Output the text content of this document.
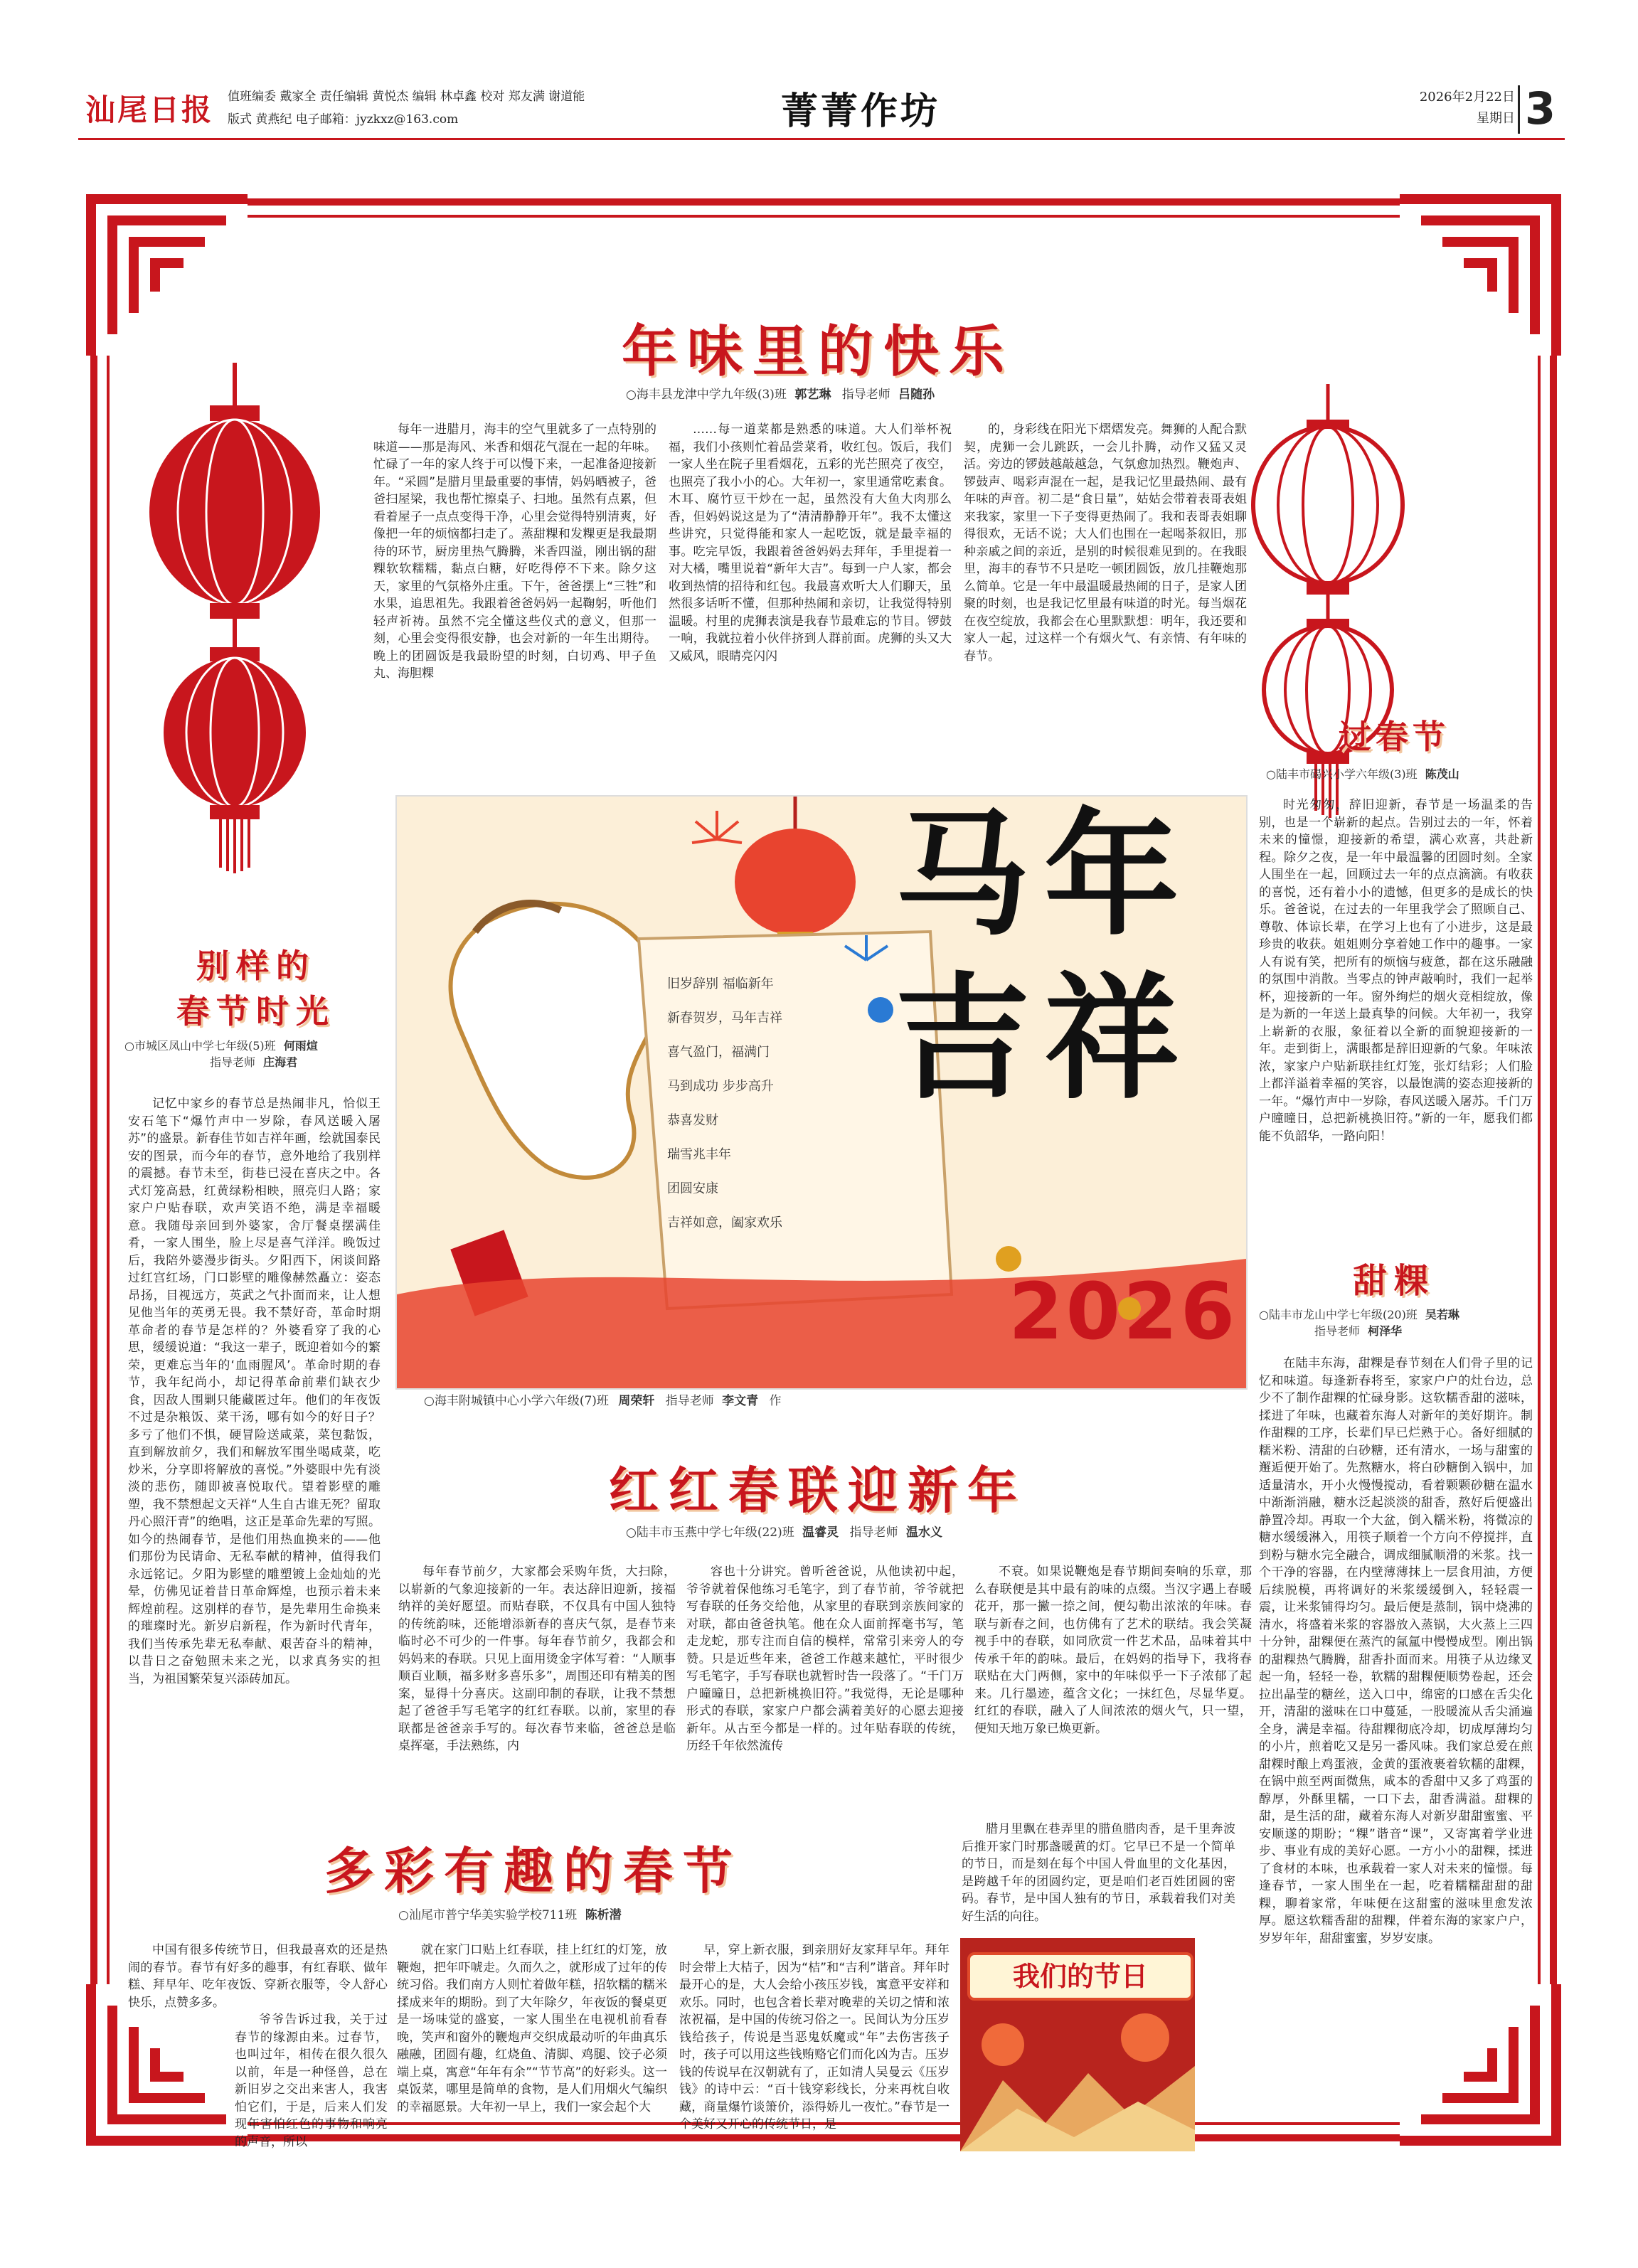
汕尾日报 值班编委 戴家全 责任编辑 黄悦杰 编辑 林卓鑫 校对 郑友满 谢道能
版式 黄燕纪 电子邮箱：jyzkxz@163.com	菁菁作坊	2026年2月22日
星期日 3
年味里的快乐
○海丰县龙津中学九年级(3)班 郭艺琳 指导老师 吕随孙

每年一进腊月，海丰的空气里就多了一点特别的味道——那是海风、米香和烟花气混在一起的年味。忙碌了一年的家人终于可以慢下来，一起准备迎接新年。“采圆”是腊月里最重要的事情，妈妈晒被子，爸爸扫屋梁，我也帮忙擦桌子、扫地。虽然有点累，但看着屋子一点点变得干净，心里会觉得特别清爽，好像把一年的烦恼都扫走了。蒸甜粿和发粿更是我最期待的环节，厨房里热气腾腾，米香四溢，刚出锅的甜粿软软糯糯，黏点白糖，好吃得停不下来。除夕这天，家里的气氛格外庄重。下午，爸爸摆上“三牲”和水果，追思祖先。我跟着爸爸妈妈一起鞠躬，听他们轻声祈祷。虽然不完全懂这些仪式的意义，但那一刻，心里会变得很安静，也会对新的一年生出期待。晚上的团圆饭是我最盼望的时刻，白切鸡、甲子鱼丸、海胆粿

……每一道菜都是熟悉的味道。大人们举杯祝福，我们小孩则忙着品尝菜肴，收红包。饭后，我们一家人坐在院子里看烟花，五彩的光芒照亮了夜空，也照亮了我小小的心。大年初一，家里通常吃素食。木耳、腐竹豆干炒在一起，虽然没有大鱼大肉那么香，但妈妈说这是为了“清清静静开年”。我不太懂这些讲究，只觉得能和家人一起吃饭，就是最幸福的事。吃完早饭，我跟着爸爸妈妈去拜年，手里提着一对大橘，嘴里说着“新年大吉”。每到一户人家，都会收到热情的招待和红包。我最喜欢听大人们聊天，虽然很多话听不懂，但那种热闹和亲切，让我觉得特别温暖。村里的虎狮表演是我春节最难忘的节目。锣鼓一响，我就拉着小伙伴挤到人群前面。虎狮的头又大又威风，眼睛亮闪闪

的，身彩线在阳光下熠熠发亮。舞狮的人配合默契，虎狮一会儿跳跃，一会儿扑腾，动作又猛又灵活。旁边的锣鼓越敲越急，气氛愈加热烈。鞭炮声、锣鼓声、喝彩声混在一起，是我记忆里最热闹、最有年味的声音。初二是“食日量”，姑姑会带着表哥表姐来我家，家里一下子变得更热闹了。我和表哥表姐聊得很欢，无话不说；大人们也围在一起喝茶叙旧，那种亲戚之间的亲近，是别的时候很难见到的。在我眼里，海丰的春节不只是吃一顿团圆饭，放几挂鞭炮那么简单。它是一年中最温暖最热闹的日子，是家人团聚的时刻，也是我记忆里最有味道的时光。每当烟花在夜空绽放，我都会在心里默默想：明年，我还要和家人一起，过这样一个有烟火气、有亲情、有年味的春节。

过春节
○陆丰市碣兴小学六年级(3)班 陈茂山

时光匆匆，辞旧迎新，春节是一场温柔的告别，也是一个崭新的起点。告别过去的一年，怀着未来的憧憬，迎接新的希望，满心欢喜，共赴新程。除夕之夜，是一年中最温馨的团圆时刻。全家人围坐在一起，回顾过去一年的点点滴滴。有收获的喜悦，还有着小小的遗憾，但更多的是成长的快乐。爸爸说，在过去的一年里我学会了照顾自己、尊敬、体谅长辈，在学习上也有了小进步，这是最珍贵的收获。姐姐则分享着她工作中的趣事。一家人有说有笑，把所有的烦恼与疲惫，都在这乐融融的氛围中消散。当零点的钟声敲响时，我们一起举杯，迎接新的一年。窗外绚烂的烟火竞相绽放，像是为新的一年送上最真挚的问候。大年初一，我穿上崭新的衣服，象征着以全新的面貌迎接新的一年。走到街上，满眼都是辞旧迎新的气象。年味浓浓，家家户户贴新联挂红灯笼，张灯结彩；人们脸上都洋溢着幸福的笑容，以最饱满的姿态迎接新的一年。“爆竹声中一岁除，春风送暖入屠苏。千门万户曈曈日，总把新桃换旧符。”新的一年，愿我们都能不负韶华，一路向阳！

甜粿
○陆丰市龙山中学七年级(20)班 吴若琳
指导老师 柯泽华

在陆丰东海，甜粿是春节刻在人们骨子里的记忆和味道。每逢新春将至，家家户户的灶台边，总少不了制作甜粿的忙碌身影。这软糯香甜的滋味，揉进了年味，也藏着东海人对新年的美好期许。制作甜粿的工序，长辈们早已烂熟于心。备好细腻的糯米粉、清甜的白砂糖，还有清水，一场与甜蜜的邂逅便开始了。先熬糖水，将白砂糖倒入锅中，加适量清水，开小火慢慢搅动，看着颗颗砂糖在温水中渐渐消融，糖水泛起淡淡的甜香，熬好后便盛出静置冷却。再取一个大盆，倒入糯米粉，将微凉的糖水缓缓淋入，用筷子顺着一个方向不停搅拌，直到粉与糖水完全融合，调成细腻顺滑的米浆。找一个干净的容器，在内壁薄薄抹上一层食用油，方便后续脱模，再将调好的米浆缓缓倒入，轻轻震一震，让米浆铺得均匀。最后便是蒸制，锅中烧沸的清水，将盛着米浆的容器放入蒸锅，大火蒸上三四十分钟，甜粿便在蒸汽的氤氲中慢慢成型。刚出锅的甜粿热气腾腾，甜香扑面而来。用筷子从边缘叉起一角，轻轻一卷，软糯的甜粿便顺势卷起，还会拉出晶莹的糖丝，送入口中，绵密的口感在舌尖化开，清甜的滋味在口中蔓延，一股暖流从舌尖涌遍全身，满是幸福。待甜粿彻底冷却，切成厚薄均匀的小片，煎着吃又是另一番风味。我们家总爱在煎甜粿时酿上鸡蛋液，金黄的蛋液裹着软糯的甜粿，在锅中煎至两面微焦，咸本的香甜中又多了鸡蛋的醇厚，外酥里糯，一口下去，甜香满溢。甜粿的甜，是生活的甜，藏着东海人对新岁甜甜蜜蜜、平安顺遂的期盼；“粿”谐音“课”，又寄寓着学业进步、事业有成的美好心愿。一方小小的甜粿，揉进了食材的本味，也承载着一家人对未来的憧憬。每逢春节，一家人围坐在一起，吃着糯糯甜甜的甜粿，聊着家常，年味便在这甜蜜的滋味里愈发浓厚。愿这软糯香甜的甜粿，伴着东海的家家户户，岁岁年年，甜甜蜜蜜，岁岁安康。

别样的
春节时光
○市城区凤山中学七年级(5)班 何雨煊
指导老师 庄海君

记忆中家乡的春节总是热闹非凡，恰似王安石笔下“爆竹声中一岁除，春风送暖入屠苏”的盛景。新春佳节如吉祥年画，绘就国泰民安的图景，而今年的春节，意外地给了我别样的震撼。春节未至，街巷已浸在喜庆之中。各式灯笼高悬，红黄绿粉相映，照亮归人路；家家户户贴春联，欢声笑语不绝，满是幸福暖意。我随母亲回到外婆家，舍厅餐桌摆满佳肴，一家人围坐，脸上尽是喜气洋洋。晚饭过后，我陪外婆漫步街头。夕阳西下，闲谈间路过红宫红场，门口影壁的雕像赫然矗立：姿态昂扬，目视远方，英武之气扑面而来，让人想见他当年的英勇无畏。我不禁好奇，革命时期革命者的春节是怎样的？外婆看穿了我的心思，缓缓说道：“我这一辈子，既迎着如今的繁荣，更难忘当年的‘血雨腥风’。革命时期的春节，我年纪尚小，却记得革命前辈们缺衣少食，因敌人围剿只能藏匿过年。他们的年夜饭不过是杂粮饭、菜干汤，哪有如今的好日子？多亏了他们不惧，硬冒险送咸菜，菜包黏饭，直到解放前夕，我们和解放军围坐喝咸菜，吃炒米，分享即将解放的喜悦。”外婆眼中先有淡淡的悲伤，随即被喜悦取代。望着影壁的雕塑，我不禁想起文天祥“人生自古谁无死？留取丹心照汗青”的绝唱，这正是革命先辈的写照。如今的热闹春节，是他们用热血换来的——他们那份为民请命、无私奉献的精神，值得我们永远铭记。夕阳为影壁的雕塑镀上金灿灿的光晕，仿佛见证着昔日革命辉煌，也预示着未来辉煌前程。这别样的春节，是先辈用生命换来的璀璨时光。新岁启新程，作为新时代青年，我们当传承先辈无私奉献、艰苦奋斗的精神，以昔日之奋勉照未来之光，以求真务实的担当，为祖国繁荣复兴添砖加瓦。

马年
吉祥
2026
旧岁辞别 福临新年
新春贺岁，马年吉祥
喜气盈门，福满门
马到成功 步步高升
恭喜发财
瑞雪兆丰年
团圆安康
吉祥如意，阖家欢乐
○海丰附城镇中心小学六年级(7)班 周荣轩 指导老师 李文青 作
红红春联迎新年
○陆丰市玉燕中学七年级(22)班 温睿灵 指导老师 温水义

每年春节前夕，大家都会采购年货，大扫除，以崭新的气象迎接新的一年。表达辞旧迎新，接福纳祥的美好愿望。而贴春联，不仅具有中国人独特的传统韵味，还能增添新春的喜庆气氛，是春节来临时必不可少的一件事。每年春节前夕，我都会和妈妈来的春联。只见上面用烫金字体写着：“人顺事顺百业顺，福多财多喜乐多”，周围还印有精美的图案，显得十分喜庆。这副印制的春联，让我不禁想起了爸爸手写毛笔字的红红春联。以前，家里的春联都是爸爸亲手写的。每次春节来临，爸爸总是临桌挥毫，手法熟练，内

容也十分讲究。曾听爸爸说，从他读初中起，爷爷就着保他练习毛笔字，到了春节前，爷爷就把写春联的任务交给他，从家里的春联到亲族间家的对联，都由爸爸执笔。他在众人面前挥毫书写，笔走龙蛇，那专注而自信的模样，常常引来旁人的夸赞。只是近些年来，爸爸工作越来越忙，平时很少写毛笔字，手写春联也就暂时告一段落了。“千门万户曈曈日，总把新桃换旧符。”我觉得，无论是哪种形式的春联，家家户户都会满着美好的心愿去迎接新年。从古至今都是一样的。过年贴春联的传统，历经千年依然流传

不衰。如果说鞭炮是春节期间奏响的乐章，那么春联便是其中最有韵味的点缀。当汉字遇上春暖花开，那一撇一捺之间，便勾勒出浓浓的年味。春联与新春之间，也仿佛有了艺术的联结。我会笑凝视手中的春联，如同欣赏一件艺术品，品味着其中传承千年的韵味。最后，在妈妈的指导下，我将春联贴在大门两侧，家中的年味似乎一下子浓郁了起来。几行墨迹，蕴含文化；一抹红色，尽显华夏。红红的春联，融入了人间浓浓的烟火气，只一望，便知天地万象已焕更新。

多彩有趣的春节
○汕尾市普宁华美实验学校711班 陈析潜

中国有很多传统节日，但我最喜欢的还是热闹的春节。春节有好多的趣事，有红春联、做年糕、拜早年、吃年夜饭、穿新衣服等，令人舒心快乐，点赞多多。

爷爷告诉过我，关于过春节的缘源由来。过春节，也叫过年，相传在很久很久以前，年是一种怪兽，总在新旧岁之交出来害人，我害怕它们，于是，后来人们发现年害怕红色的事物和响亮的声音，所以

就在家门口贴上红春联，挂上红红的灯笼，放鞭炮，把年吓唬走。久而久之，就形成了过年的传统习俗。我们南方人则忙着做年糕，招软糯的糯米揉成来年的期盼。到了大年除夕，年夜饭的餐桌更是一场味觉的盛宴，一家人围坐在电视机前看春晚，笑声和窗外的鞭炮声交织成最动听的年曲真乐融融，团圆有趣，红烧鱼、清脚、鸡腿、饺子必须端上桌，寓意“年年有余”“节节高”的好彩头。这一桌饭菜，哪里是简单的食物，是人们用烟火气编织的幸福愿景。大年初一早上，我们一家会起个大

早，穿上新衣服，到亲朋好友家拜早年。拜年时会带上大桔子，因为“桔”和“吉利”谐音。拜年时最开心的是，大人会给小孩压岁钱，寓意平安祥和欢乐。同时，也包含着长辈对晚辈的关切之情和浓浓祝福，是中国的传统习俗之一。民间认为分压岁钱给孩子，传说是当恶鬼妖魔或“年”去伤害孩子时，孩子可以用这些钱贿赂它们而化凶为吉。压岁钱的传说早在汉朝就有了，正如清人吴曼云《压岁钱》的诗中云：“百十钱穿彩线长，分来再枕自收藏，商量爆竹谈箫价，添得娇儿一夜忙。”春节是一个美好又开心的传统节日，是

腊月里飘在巷弄里的腊鱼腊肉香，是千里奔波后推开家门时那盏暖黄的灯。它早已不是一个简单的节日，而是刻在每个中国人骨血里的文化基因，是跨越千年的团圆约定，更是咱们老百姓团圆的密码。春节，是中国人独有的节日，承载着我们对美好生活的向往。

我们的节日
